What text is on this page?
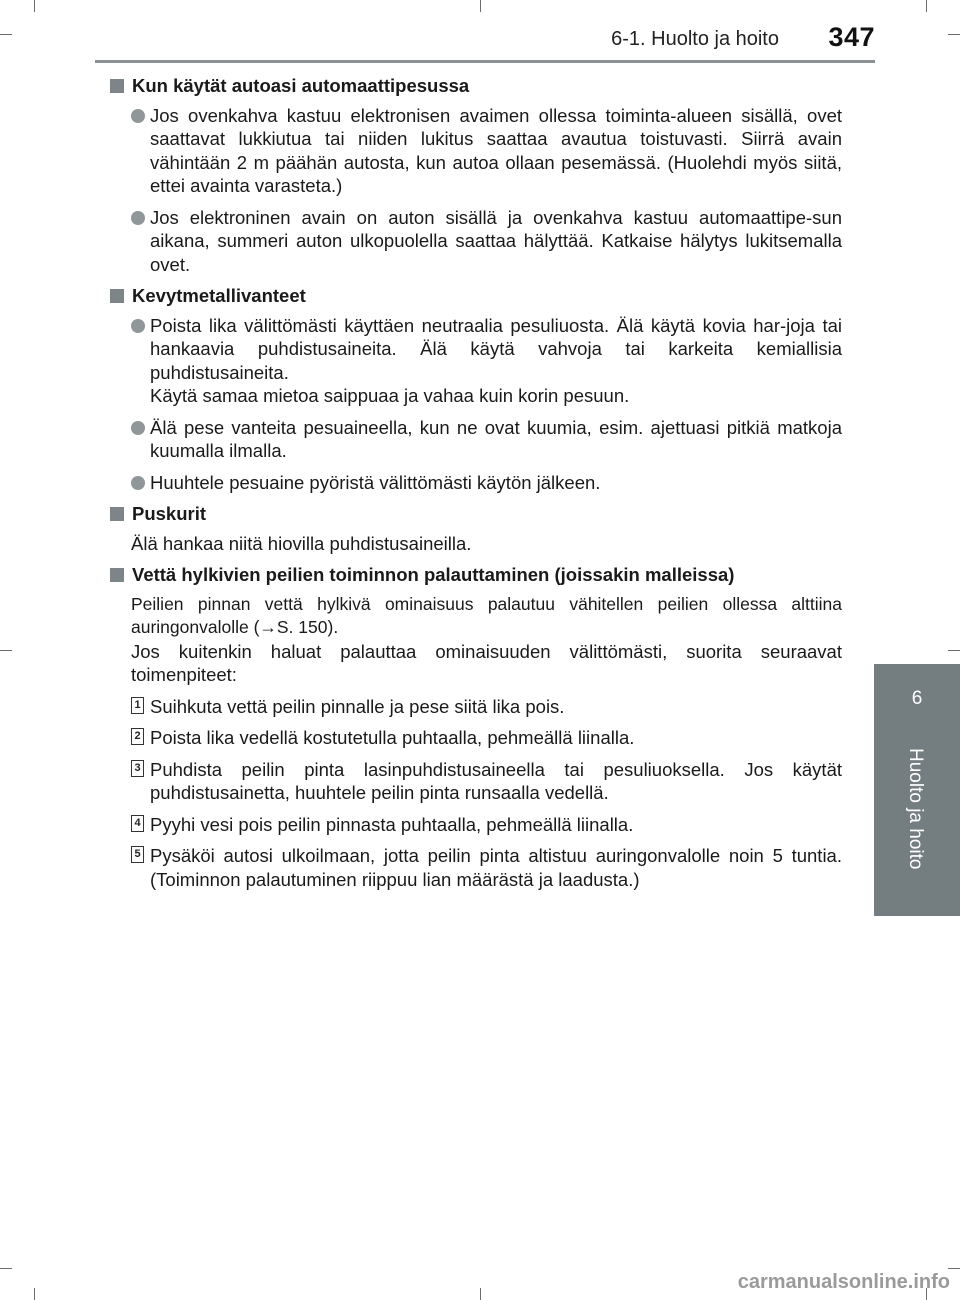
6-1. Huolto ja hoito 347
6
Huolto ja hoito
Kun käytät autoasi automaattipesussa
Jos ovenkahva kastuu elektronisen avaimen ollessa toiminta-alueen sisällä, ovet saattavat lukkiutua tai niiden lukitus saattaa avautua toistuvasti. Siirrä avain vähintään 2 m päähän autosta, kun autoa ollaan pesemässä. (Huolehdi myös siitä, ettei avainta varasteta.)
Jos elektroninen avain on auton sisällä ja ovenkahva kastuu automaattipe-sun aikana, summeri auton ulkopuolella saattaa hälyttää. Katkaise hälytys lukitsemalla ovet.
Kevytmetallivanteet
Poista lika välittömästi käyttäen neutraalia pesuliuosta. Älä käytä kovia har-joja tai hankaavia puhdistusaineita. Älä käytä vahvoja tai karkeita kemiallisia puhdistusaineita.
Käytä samaa mietoa saippuaa ja vahaa kuin korin pesuun.
Älä pese vanteita pesuaineella, kun ne ovat kuumia, esim. ajettuasi pitkiä matkoja kuumalla ilmalla.
Huuhtele pesuaine pyöristä välittömästi käytön jälkeen.
Puskurit
Älä hankaa niitä hiovilla puhdistusaineilla.
Vettä hylkivien peilien toiminnon palauttaminen (joissakin malleissa)
Peilien pinnan vettä hylkivä ominaisuus palautuu vähitellen peilien ollessa alttiina auringonvalolle (→S. 150).
Jos kuitenkin haluat palauttaa ominaisuuden välittömästi, suorita seuraavat toimenpiteet:
1 Suihkuta vettä peilin pinnalle ja pese siitä lika pois.
2 Poista lika vedellä kostutetulla puhtaalla, pehmeällä liinalla.
3 Puhdista peilin pinta lasinpuhdistusaineella tai pesuliuoksella. Jos käytät puhdistusainetta, huuhtele peilin pinta runsaalla vedellä.
4 Pyyhi vesi pois peilin pinnasta puhtaalla, pehmeällä liinalla.
5 Pysäköi autosi ulkoilmaan, jotta peilin pinta altistuu auringonvalolle noin 5 tuntia. (Toiminnon palautuminen riippuu lian määrästä ja laadusta.)
carmanualsonline.info
